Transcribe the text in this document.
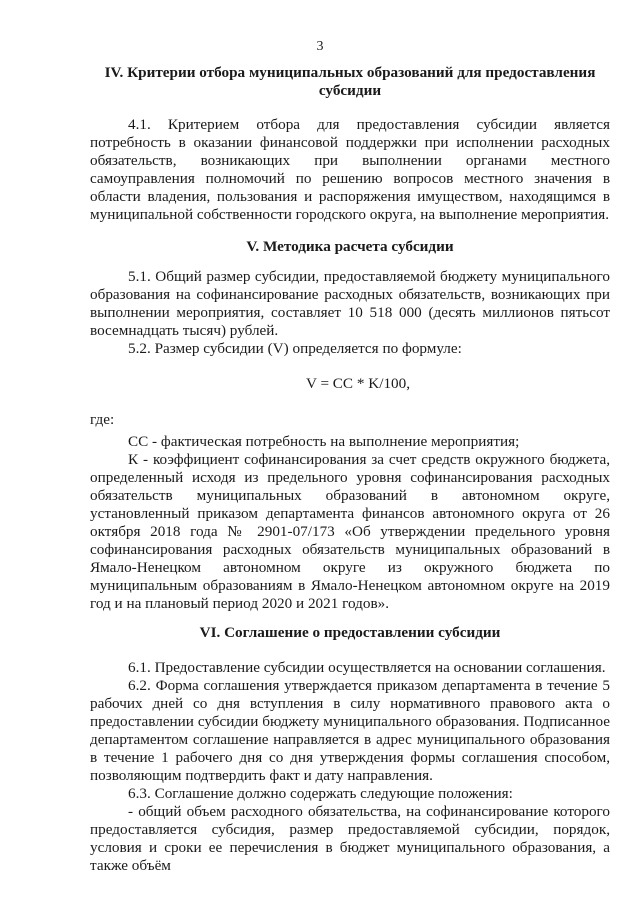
3

IV. Критерии отбора муниципальных образований для предоставления субсидии

4.1. Критерием отбора для предоставления субсидии является потребность в оказании финансовой поддержки при исполнении расходных обязательств, возникающих при выполнении органами местного самоуправления полномочий по решению вопросов местного значения в области владения, пользования и распоряжения имуществом, находящимся в муниципальной собственности городского округа, на выполнение мероприятия.

V. Методика расчета субсидии

5.1. Общий размер субсидии, предоставляемой бюджету муниципального образования на софинансирование расходных обязательств, возникающих при выполнении мероприятия, составляет 10 518 000 (десять миллионов пятьсот восемнадцать тысяч) рублей.

5.2. Размер субсидии (V) определяется по формуле:

V = CC * K/100,

где:

CC - фактическая потребность на выполнение мероприятия;

К - коэффициент софинансирования за счет средств окружного бюджета, определенный исходя из предельного уровня софинансирования расходных обязательств муниципальных образований в автономном округе, установленный приказом департамента финансов автономного округа от 26 октября 2018 года № 2901-07/173 «Об утверждении предельного уровня софинансирования расходных обязательств муниципальных образований в Ямало-Ненецком автономном округе из окружного бюджета по муниципальным образованиям в Ямало-Ненецком автономном округе на 2019 год и на плановый период 2020 и 2021 годов».

VI. Соглашение о предоставлении субсидии

6.1. Предоставление субсидии осуществляется на основании соглашения.

6.2. Форма соглашения утверждается приказом департамента в течение 5 рабочих дней со дня вступления в силу нормативного правового акта о предоставлении субсидии бюджету муниципального образования. Подписанное департаментом соглашение направляется в адрес муниципального образования в течение 1 рабочего дня со дня утверждения формы соглашения способом, позволяющим подтвердить факт и дату направления.

6.3. Соглашение должно содержать следующие положения:

- общий объем расходного обязательства, на софинансирование которого предоставляется субсидия, размер предоставляемой субсидии, порядок, условия и сроки ее перечисления в бюджет муниципального образования, а также объём
